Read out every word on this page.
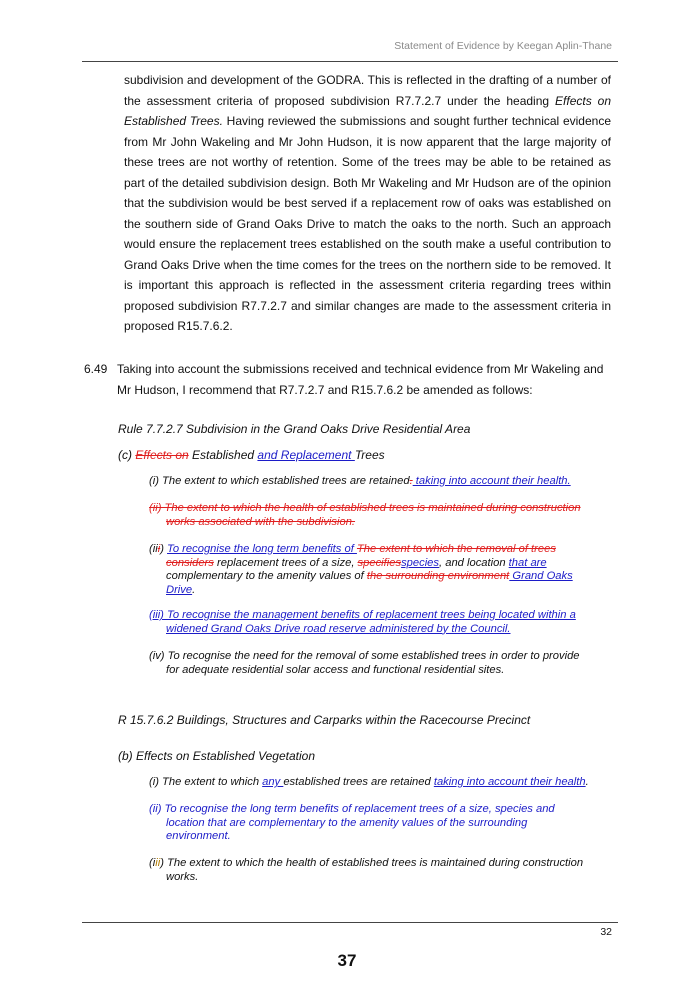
Statement of Evidence by Keegan Aplin-Thane

subdivision and development of the GODRA. This is reflected in the drafting of a number of the assessment criteria of proposed subdivision R7.7.2.7 under the heading Effects on Established Trees. Having reviewed the submissions and sought further technical evidence from Mr John Wakeling and Mr John Hudson, it is now apparent that the large majority of these trees are not worthy of retention. Some of the trees may be able to be retained as part of the detailed subdivision design. Both Mr Wakeling and Mr Hudson are of the opinion that the subdivision would be best served if a replacement row of oaks was established on the southern side of Grand Oaks Drive to match the oaks to the north. Such an approach would ensure the replacement trees established on the south make a useful contribution to Grand Oaks Drive when the time comes for the trees on the northern side to be removed. It is important this approach is reflected in the assessment criteria regarding trees within proposed subdivision R7.7.2.7 and similar changes are made to the assessment criteria in proposed R15.7.6.2.

6.49 Taking into account the submissions received and technical evidence from Mr Wakeling and Mr Hudson, I recommend that R7.7.2.7 and R15.7.6.2 be amended as follows:
Rule 7.7.2.7 Subdivision in the Grand Oaks Drive Residential Area
(c) Effects on Established and Replacement Trees
(i) The extent to which established trees are retained. taking into account their health.
(ii) The extent to which the health of established trees is maintained during construction
works associated with the subdivision.
(iii) To recognise the long term benefits of The extent to which the removal of trees
considers replacement trees of a size, specifiesspecies, and location that are
complementary to the amenity values of the surrounding environment Grand Oaks
Drive.
(iii) To recognise the management benefits of replacement trees being located within a
widened Grand Oaks Drive road reserve administered by the Council.
(iv) To recognise the need for the removal of some established trees in order to provide
for adequate residential solar access and functional residential sites.
R 15.7.6.2 Buildings, Structures and Carparks within the Racecourse Precinct
(b) Effects on Established Vegetation
(i) The extent to which any established trees are retained taking into account their health.
(ii) To recognise the long term benefits of replacement trees of a size, species and
location that are complementary to the amenity values of the surrounding
environment.
(iii) The extent to which the health of established trees is maintained during construction
works.
32
37
